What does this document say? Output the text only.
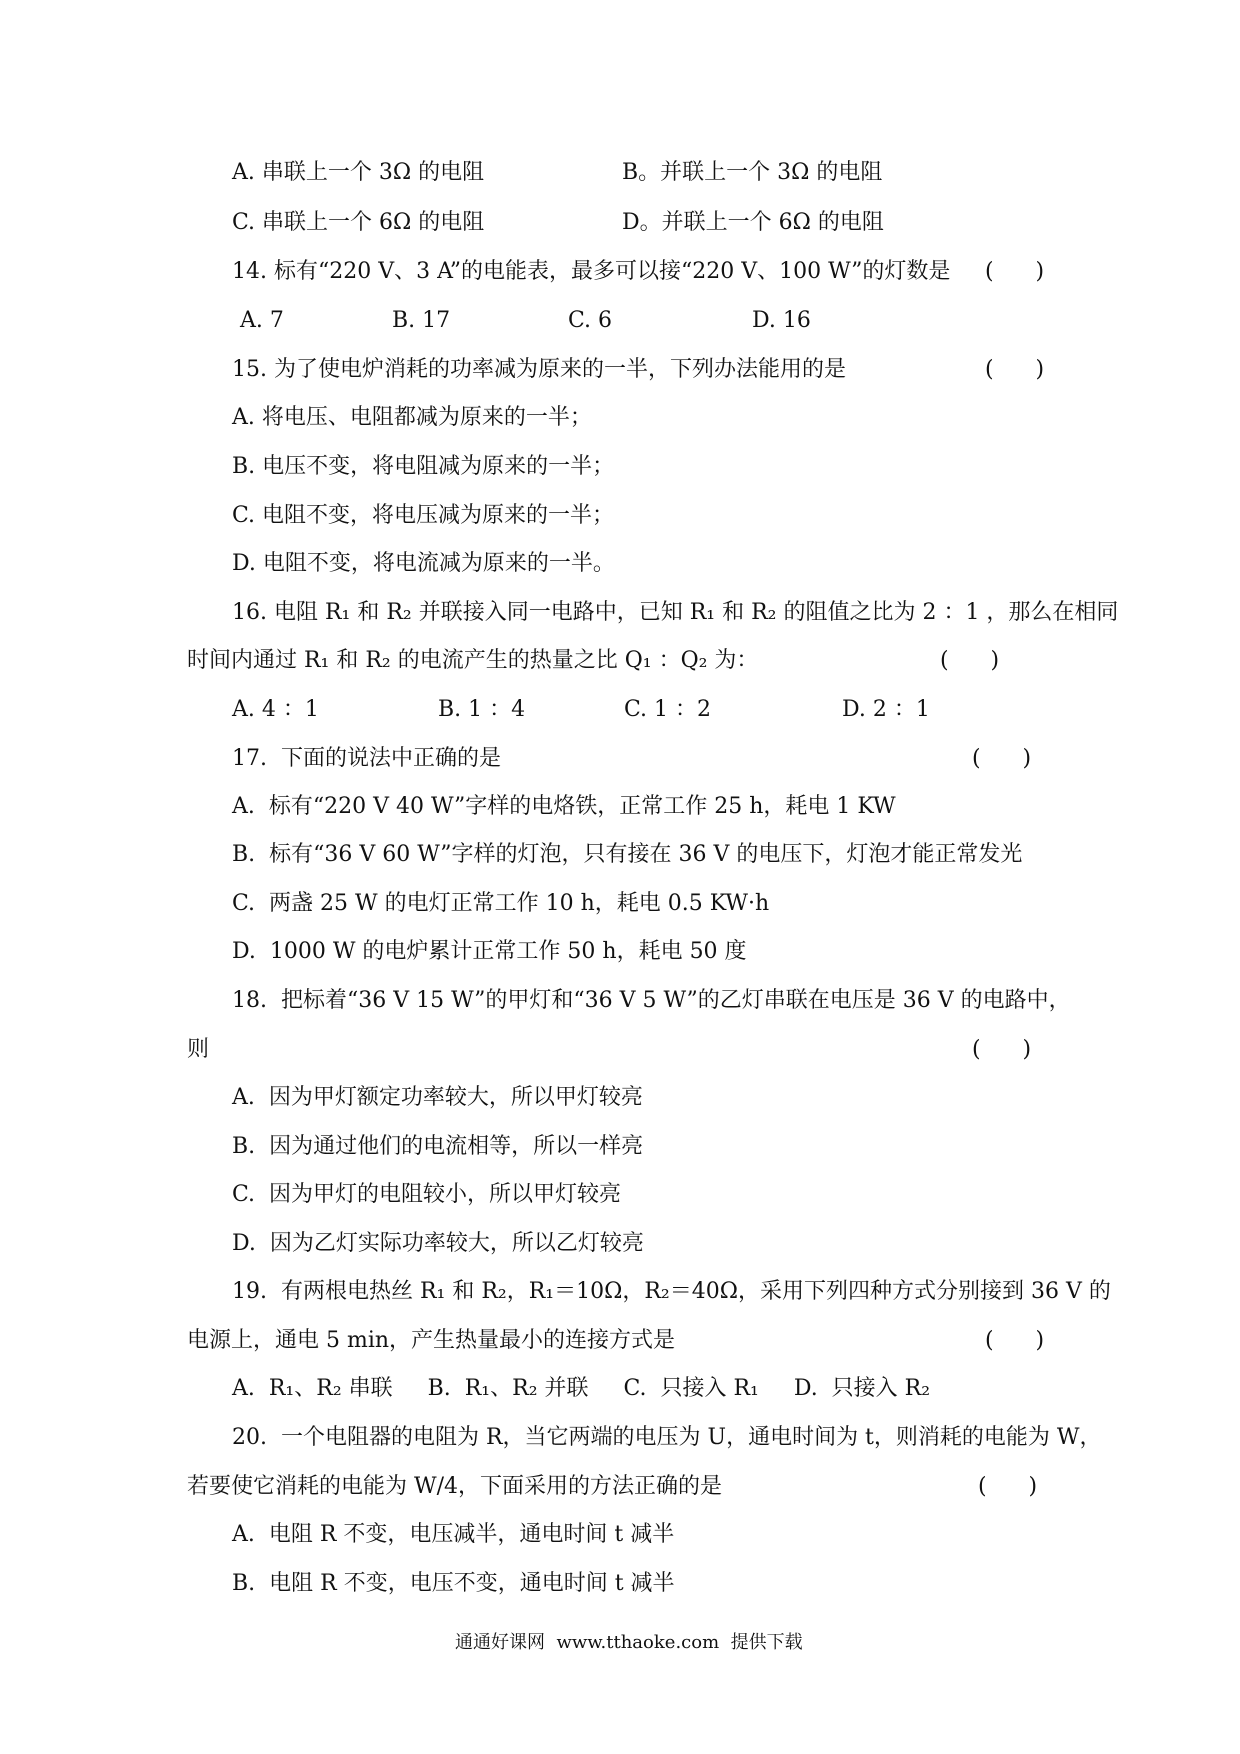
A. 串联上一个 3Ω 的电阻	B。并联上一个 3Ω 的电阻
C. 串联上一个 6Ω 的电阻	D。并联上一个 6Ω 的电阻
14. 标有“220 V、3 A”的电能表，最多可以接“220 V、100 W”的灯数是 (      )
A. 7	B. 17	C. 6	D. 16
15. 为了使电炉消耗的功率减为原来的一半，下列办法能用的是	(      )
A. 将电压、电阻都减为原来的一半；
B. 电压不变，将电阻减为原来的一半；
C. 电阻不变，将电压减为原来的一半；
D. 电阻不变，将电流减为原来的一半。
16. 电阻 R₁ 和 R₂ 并联接入同一电路中，已知 R₁ 和 R₂ 的阻值之比为 2 ：1 ，那么在相同
时间内通过 R₁ 和 R₂ 的电流产生的热量之比 Q₁ ：Q₂ 为：	(      )
A. 4 ：1	B. 1 ：4	C. 1 ：2	D. 2 ：1
17.  下面的说法中正确的是	(      )
A.  标有“220 V 40 W”字样的电烙铁，正常工作 25 h，耗电 1 KW
B.  标有“36 V 60 W”字样的灯泡，只有接在 36 V 的电压下，灯泡才能正常发光
C.  两盏 25 W 的电灯正常工作 10 h，耗电 0.5 KW·h
D.  1000 W 的电炉累计正常工作 50 h，耗电 50 度
18.  把标着“36 V 15 W”的甲灯和“36 V 5 W”的乙灯串联在电压是 36 V 的电路中，
则	(      )
A.  因为甲灯额定功率较大，所以甲灯较亮
B.  因为通过他们的电流相等，所以一样亮
C.  因为甲灯的电阻较小，所以甲灯较亮
D.  因为乙灯实际功率较大，所以乙灯较亮
19.  有两根电热丝 R₁ 和 R₂，R₁＝10Ω，R₂＝40Ω，采用下列四种方式分别接到 36 V 的
电源上，通电 5 min，产生热量最小的连接方式是	(      )
A.  R₁、R₂ 串联     B.  R₁、R₂ 并联     C.  只接入 R₁     D.  只接入 R₂
20.  一个电阻器的电阻为 R，当它两端的电压为 U，通电时间为 t，则消耗的电能为 W，
若要使它消耗的电能为 W/4，下面采用的方法正确的是	(      )
A.  电阻 R 不变，电压减半，通电时间 t 减半
B.  电阻 R 不变，电压不变，通电时间 t 减半
通通好课网  www.tthaoke.com  提供下载
